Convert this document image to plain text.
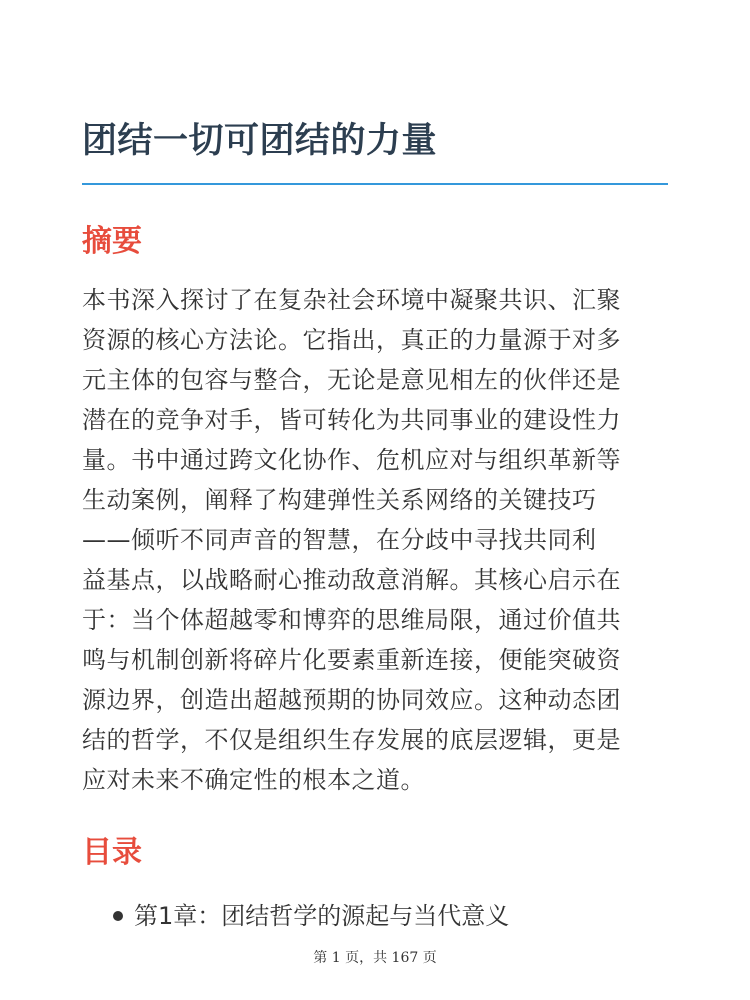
团结一切可团结的力量
摘要
本书深入探讨了在复杂社会环境中凝聚共识、汇聚
资源的核心方法论。它指出，真正的力量源于对多
元主体的包容与整合，无论是意见相左的伙伴还是
潜在的竞争对手，皆可转化为共同事业的建设性力
量。书中通过跨文化协作、危机应对与组织革新等
生动案例，阐释了构建弹性关系网络的关键技巧
——倾听不同声音的智慧，在分歧中寻找共同利
益基点，以战略耐心推动敌意消解。其核心启示在
于：当个体超越零和博弈的思维局限，通过价值共
鸣与机制创新将碎片化要素重新连接，便能突破资
源边界，创造出超越预期的协同效应。这种动态团
结的哲学，不仅是组织生存发展的底层逻辑，更是
应对未来不确定性的根本之道。
目录
第1章：团结哲学的源起与当代意义
第 1 页，共 167 页
